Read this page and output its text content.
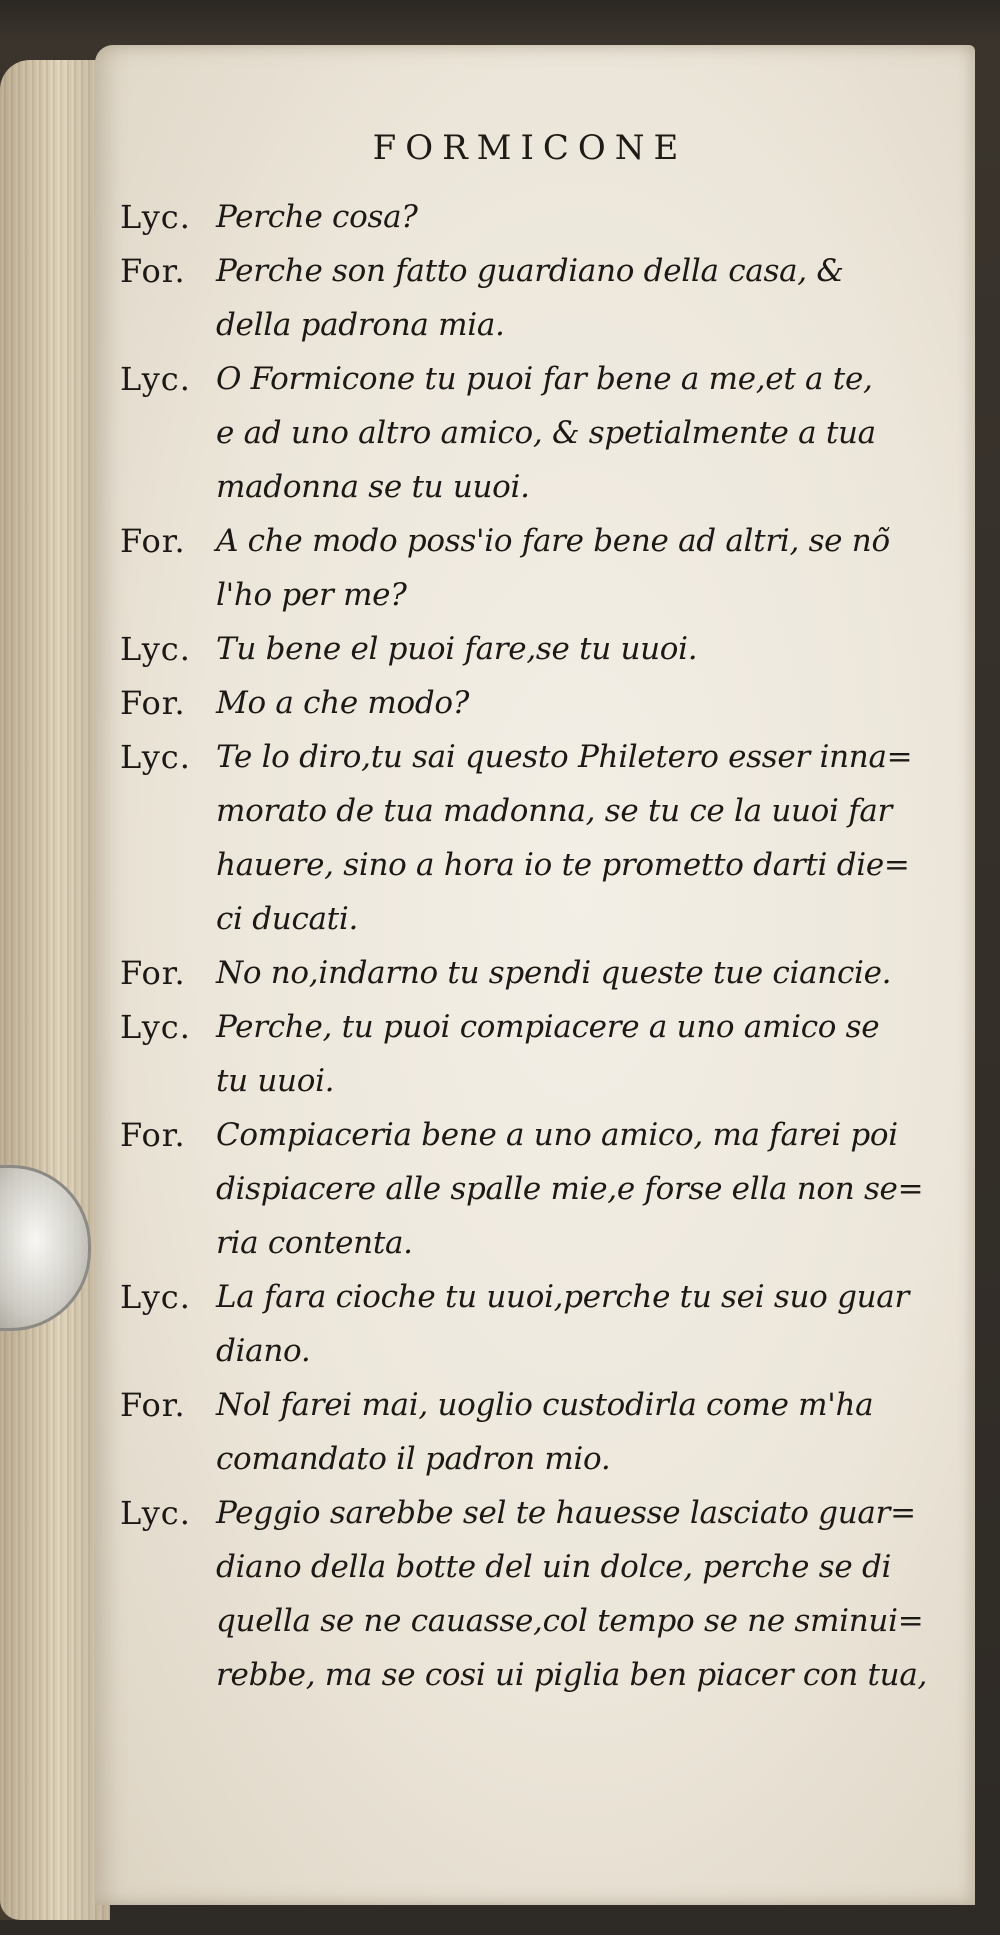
FORMICONE
Lyc. Perche cosa?
For. Perche son fatto guardiano della casa, &
della padrona mia.
Lyc. O Formicone tu puoi far bene a me,et a te,
e ad uno altro amico, & spetialmente a tua
madonna se tu uuoi.
For. A che modo poss'io fare bene ad altri, se nõ
l'ho per me?
Lyc. Tu bene el puoi fare,se tu uuoi.
For. Mo a che modo?
Lyc. Te lo diro,tu sai questo Philetero esser inna=
morato de tua madonna, se tu ce la uuoi far
hauere, sino a hora io te prometto darti die=
ci ducati.
For. No no,indarno tu spendi queste tue ciancie.
Lyc. Perche, tu puoi compiacere a uno amico se
tu uuoi.
For. Compiaceria bene a uno amico, ma farei poi
dispiacere alle spalle mie,e forse ella non se=
ria contenta.
Lyc. La fara cioche tu uuoi,perche tu sei suo guar
diano.
For. Nol farei mai, uoglio custodirla come m'ha
comandato il padron mio.
Lyc. Peggio sarebbe sel te hauesse lasciato guar=
diano della botte del uin dolce, perche se di
quella se ne cauasse,col tempo se ne sminui=
rebbe, ma se cosi ui piglia ben piacer con tua,
